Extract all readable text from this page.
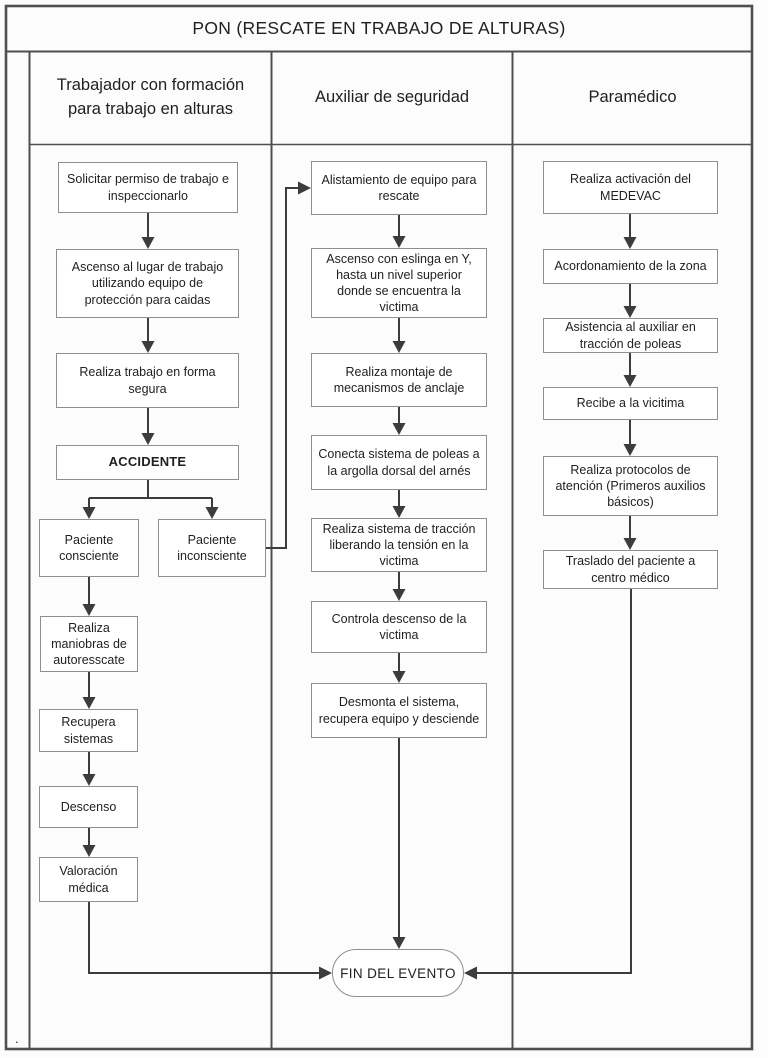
PON (RESCATE EN TRABAJO DE ALTURAS)
Trabajador con formación para trabajo en alturas
Auxiliar de seguridad	Paramédico
Solicitar permiso de trabajo e inspeccionarlo
Ascenso al lugar de trabajo utilizando equipo de protección para caidas
Realiza trabajo en forma segura
ACCIDENTE
Paciente consciente
Paciente inconsciente
Realiza maniobras de autoresscate
Recupera sistemas
Descenso
Valoración médica
Alistamiento de equipo para rescate
Ascenso con eslinga en Y, hasta un nivel superior donde se encuentra la victima
Realiza montaje de mecanismos de anclaje
Conecta sistema de poleas a la argolla dorsal del arnés
Realiza sistema de tracción liberando la tensión en la victima
Controla descenso de la victima
Desmonta el sistema, recupera equipo y desciende
Realiza activación del MEDEVAC
Acordonamiento de la zona
Asistencia al auxiliar en tracción de poleas
Recibe a la vicitima
Realiza protocolos de atención (Primeros auxilios básicos)
Traslado del paciente a centro médico
FIN DEL EVENTO
.
